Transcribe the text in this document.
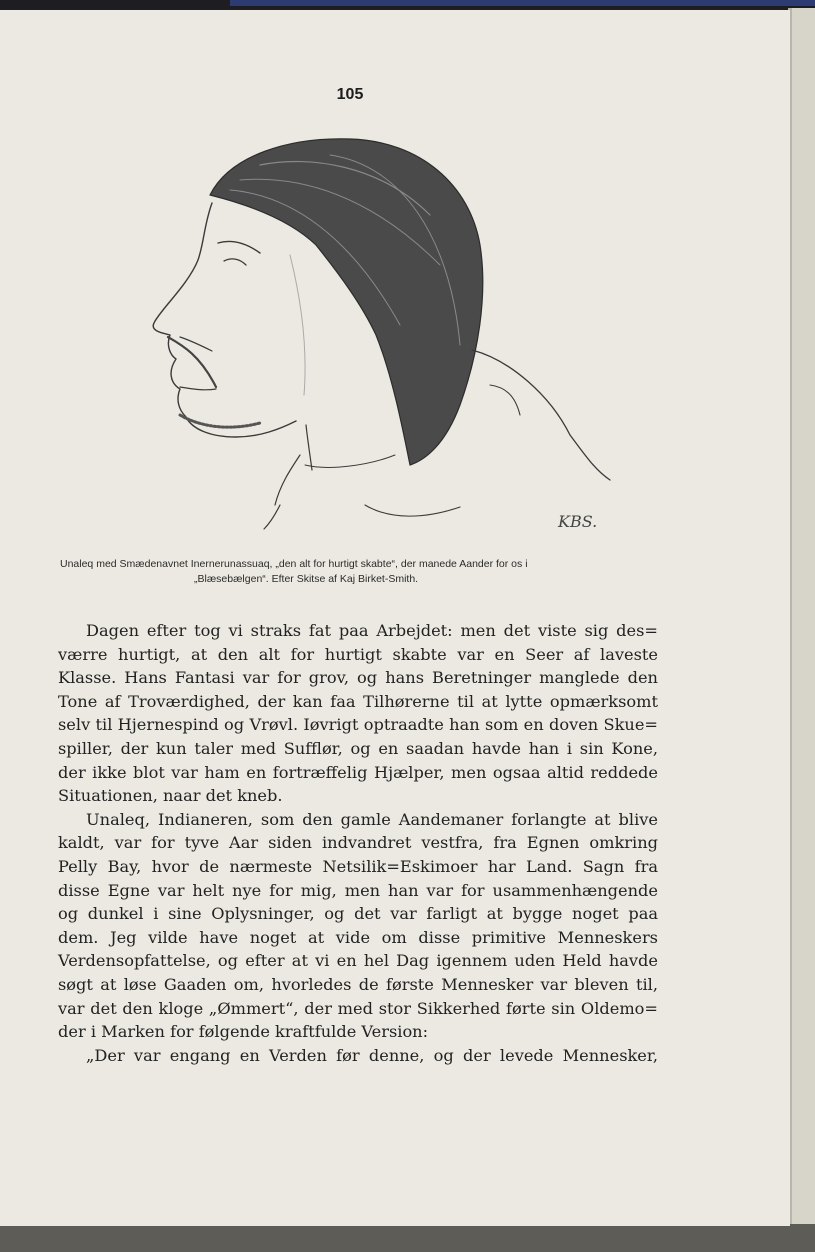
105
KBS.
Unaleq med Smædenavnet Inernerunassuaq, „den alt for hurtigt skabte“, der manede Aander for os i
„Blæsebælgen“. Efter Skitse af Kaj Birket-Smith.
Dagen efter tog vi straks fat paa Arbejdet: men det viste sig des=
værre hurtigt, at den alt for hurtigt skabte var en Seer af laveste
Klasse. Hans Fantasi var for grov, og hans Beretninger manglede den
Tone af Troværdighed, der kan faa Tilhørerne til at lytte opmærksomt
selv til Hjernespind og Vrøvl. Iøvrigt optraadte han som en doven Skue=
spiller, der kun taler med Sufflør, og en saadan havde han i sin Kone,
der ikke blot var ham en fortræffelig Hjælper, men ogsaa altid reddede
Situationen, naar det kneb.
Unaleq, Indianeren, som den gamle Aandemaner forlangte at blive
kaldt, var for tyve Aar siden indvandret vestfra, fra Egnen omkring
Pelly Bay, hvor de nærmeste Netsilik=Eskimoer har Land. Sagn fra
disse Egne var helt nye for mig, men han var for usammenhængende
og dunkel i sine Oplysninger, og det var farligt at bygge noget paa
dem. Jeg vilde have noget at vide om disse primitive Menneskers
Verdensopfattelse, og efter at vi en hel Dag igennem uden Held havde
søgt at løse Gaaden om, hvorledes de første Mennesker var bleven til,
var det den kloge „Ømmert“, der med stor Sikkerhed førte sin Oldemo=
der i Marken for følgende kraftfulde Version:
„Der var engang en Verden før denne, og der levede Mennesker,
